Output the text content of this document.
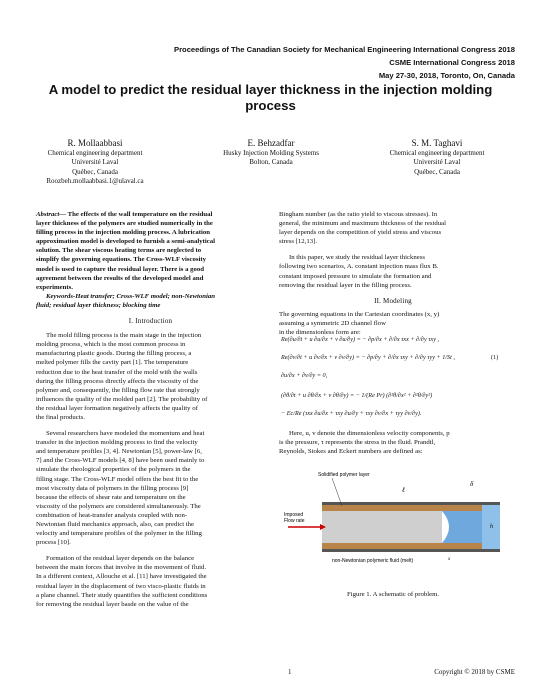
Proceedings of The Canadian Society for Mechanical Engineering International Congress 2018
CSME International Congress 2018
May 27-30, 2018, Toronto, On, Canada
A model to predict the residual layer thickness in the injection molding
process
R. Mollaabbasi
Chemical engineering department
Université Laval
Québec, Canada
Roozbeh.mollaabbasi.1@ulaval.ca
E. Behzadfar
Husky Injection Molding Systems
Bolton, Canada
S. M. Taghavi
Chemical engineering department
Université Laval
Québec, Canada

Abstract— The effects of the wall temperature on the residual
layer thickness of the polymers are studied numerically in the
filling process in the injection molding process. A lubrication
approximation model is developed to furnish a semi-analytical
solution. The shear viscous heating terms are neglected to
simplify the governing equations. The Cross-WLF viscosity
model is used to capture the residual layer. There is a good
agreement between the results of the developed model and
experiments.

Keywords-Heat transfer; Cross-WLF model; non-Newtonian

fluid; residual layer thickness; blocking time

I. Introduction

The mold filling process is the main stage in the injection
molding process, which is the most common process in
manufacturing plastic goods. During the filling process, a
melted polymer fills the cavity part [1]. The temperature
reduction due to the heat transfer of the mold with the walls
during the filling process directly affects the viscosity of the
polymer and, consequently, the filling flow rate that strongly
influences the quality of the molded part [2]. The probability of
the residual layer formation negatively affects the quality of
the final products.
Several researchers have modeled the momentum and heat
transfer in the injection molding process to find the velocity
and temperature profiles [3, 4]. Newtonian [5], power-law [6,
7] and the Cross-WLF models [4, 8] have been used mainly to
simulate the rheological properties of the polymers in the
filling stage. The Cross-WLF model offers the best fit to the
most viscosity data of polymers in the filling process [9]
because the effects of shear rate and temperature on the
viscosity of the polymers are considered simultaneously. The
combination of heat-transfer analysis coupled with non-
Newtonian fluid mechanics approach, also, can predict the
velocity and temperature profiles of the polymer in the filling
process [10].
Formation of the residual layer depends on the balance
between the main forces that involve in the movement of fluid.
In a different context, Allouche et al. [11] have investigated the
residual layer in the displacement of two visco-plastic fluids in
a plane channel. Their study quantifies the sufficient conditions
for removing the residual layer basde on the value of the
Bingham number (as the ratio yield to viscous stresses). In
general, the minimum and maximum thickness of the residual
layer depends on the competition of yield stress and viscous
stress [12,13].
In this paper, we study the residual layer thickness
following two scenarios, A. constant injection mass flux B.
constant imposed pressure to simulate the formation and
removing the residual layer in the filling process.

II. Modeling

The governing equations in the Cartesian coordinates (x, y)
assuming a symmetric 2D channel flow
in the dimensionless form are:
Re(∂u/∂t + u ∂u/∂x + v ∂u/∂y) = − ∂p/∂x + ∂/∂x τxx + ∂/∂y τxy ,
Re(∂v/∂t + u ∂v/∂x + v ∂v/∂y) = − ∂p/∂y + ∂/∂x τxy + ∂/∂y τyy + 1/St ,	(1)
∂u/∂x + ∂v/∂y = 0,
(∂θ/∂t + u ∂θ/∂x + v ∂θ/∂y) = − 1/(Re Pr) (∂²θ/∂x² + ∂²θ/∂y²)
− Ec/Re (τxx ∂u/∂x + τxy ∂u/∂y + τxy ∂v/∂x + τyy ∂v/∂y).
Here, u, v denote the dimensionless velocity components, p
is the pressure, τ represents the stress in the fluid. Prandtl,
Reynolds, Stokes and Eckert numbers are defined as:
Solidified polymer layer
Imposed
Flow rate
non-Newtonian polymeric fluid (melt)
ℓ
δ
h
x
Figure 1. A schematic of problem.
1	Copyright © 2018 by CSME
